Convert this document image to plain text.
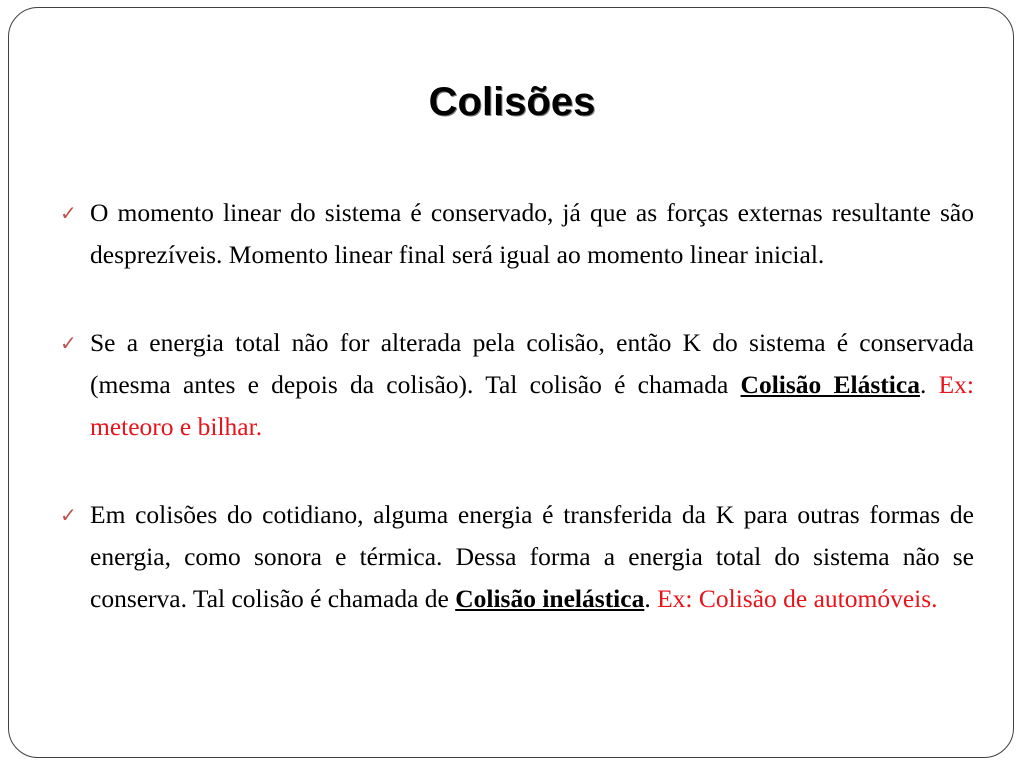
Colisões
✓ O momento linear do sistema é conservado, já que as forças externas resultante são desprezíveis. Momento linear final será igual ao momento linear inicial.
✓ Se a energia total não for alterada pela colisão, então K do sistema é conservada (mesma antes e depois da colisão). Tal colisão é chamada Colisão Elástica. Ex: meteoro e bilhar.
✓ Em colisões do cotidiano, alguma energia é transferida da K para outras formas de energia, como sonora e térmica. Dessa forma a energia total do sistema não se conserva. Tal colisão é chamada de Colisão inelástica. Ex: Colisão de automóveis.
